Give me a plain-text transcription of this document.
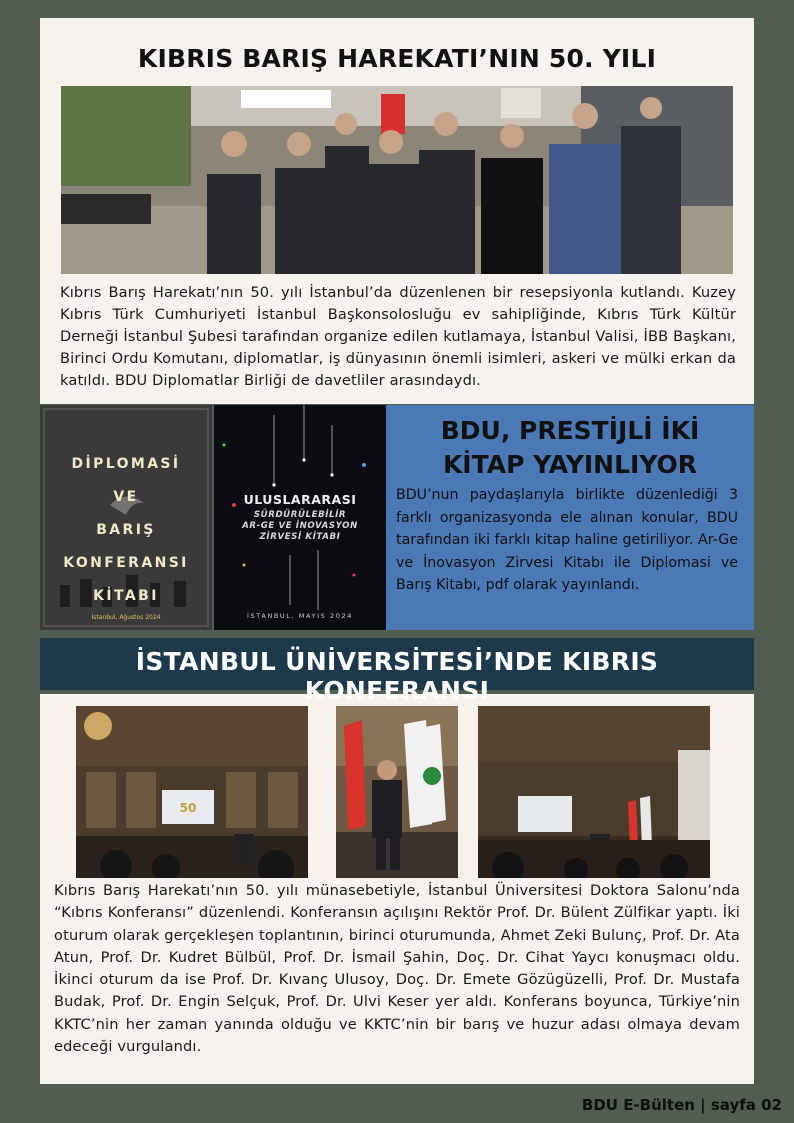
KIBRIS BARIŞ HAREKATI’NIN 50. YILI

Kıbrıs Barış Harekatı’nın 50. yılı İstanbul’da düzenlenen bir resepsiyonla kutlandı. Kuzey Kıbrıs Türk Cumhuriyeti İstanbul Başkonsolosluğu ev sahipliğinde, Kıbrıs Türk Kültür Derneği İstanbul Şubesi tarafından organize edilen kutlamaya, İstanbul Valisi, İBB Başkanı, Birinci Ordu Komutanı, diplomatlar, iş dünyasının önemli isimleri, askeri ve mülki erkan da katıldı. BDU Diplomatlar Birliği de davetliler arasındaydı.

DİPLOMASİ
VE
BARIŞ
KONFERANSI
KİTABI
İstanbul, Ağustos 2024
ULUSLARARASI
SÜRDÜRÜLEBİLİR
AR-GE VE İNOVASYON
ZİRVESİ KİTABI
İSTANBUL, MAYIS 2024
BDU, PRESTİJLİ İKİ
KİTAP YAYINLIYOR

BDU’nun paydaşlarıyla birlikte düzenlediği 3 farklı organizasyonda ele alınan konular, BDU tarafından iki farklı kitap haline getiriliyor. Ar-Ge ve İnovasyon Zirvesi Kitabı ile Diplomasi ve Barış Kitabı, pdf olarak yayınlandı.

İSTANBUL ÜNİVERSİTESİ’NDE KIBRIS KONFERANSI
50

Kıbrıs Barış Harekatı’nın 50. yılı münasebetiyle, İstanbul Üniversitesi Doktora Salonu’nda “Kıbrıs Konferansı” düzenlendi. Konferansın açılışını Rektör Prof. Dr. Bülent Zülfikar yaptı. İki oturum olarak gerçekleşen toplantının, birinci oturumunda, Ahmet Zeki Bulunç, Prof. Dr. Ata Atun, Prof. Dr. Kudret Bülbül, Prof. Dr. İsmail Şahin, Doç. Dr. Cihat Yaycı konuşmacı oldu. İkinci oturum da ise Prof. Dr. Kıvanç Ulusoy, Doç. Dr. Emete Gözügüzelli, Prof. Dr. Mustafa Budak, Prof. Dr. Engin Selçuk, Prof. Dr. Ulvi Keser yer aldı. Konferans boyunca, Türkiye’nin KKTC’nin her zaman yanında olduğu ve KKTC’nin bir barış ve huzur adası olmaya devam edeceği vurgulandı.

BDU E-Bülten | sayfa 02
